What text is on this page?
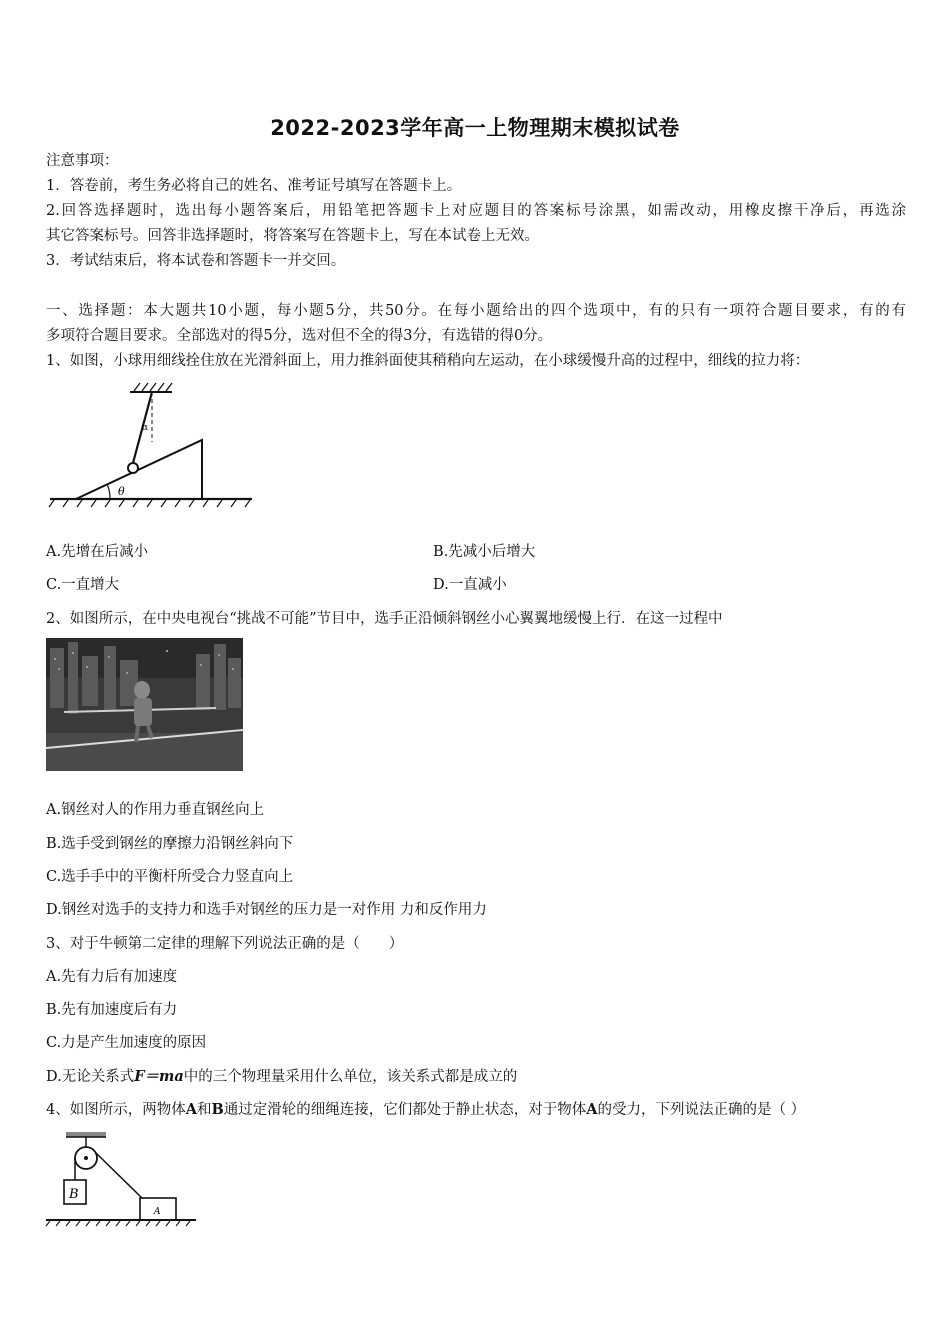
2022-2023学年高一上物理期末模拟试卷
注意事项：
1．答卷前，考生务必将自己的姓名、准考证号填写在答题卡上。
2.回答选择题时，选出每小题答案后，用铅笔把答题卡上对应题目的答案标号涂黑，如需改动，用橡皮擦干净后，再选涂
其它答案标号。回答非选择题时，将答案写在答题卡上，写在本试卷上无效。
3．考试结束后，将本试卷和答题卡一并交回。
一、选择题：本大题共10小题，每小题5分，共50分。在每小题给出的四个选项中，有的只有一项符合题目要求，有的有
多项符合题目要求。全部选对的得5分，选对但不全的得3分，有选错的得0分。
1、如图，小球用细线拴住放在光滑斜面上，用力推斜面使其稍稍向左运动，在小球缓慢升高的过程中，细线的拉力将：
α
θ
A.先增在后减小	B.先减小后增大
C.一直增大	D.一直减小
2、如图所示，在中央电视台“挑战不可能”节目中，选手正沿倾斜钢丝小心翼翼地缓慢上行．在这一过程中
A.钢丝对人的作用力垂直钢丝向上
B.选手受到钢丝的摩擦力沿钢丝斜向下
C.选手手中的平衡杆所受合力竖直向上
D.钢丝对选手的支持力和选手对钢丝的压力是一对作用 力和反作用力
3、对于牛顿第二定律的理解下列说法正确的是（　　）
A.先有力后有加速度
B.先有加速度后有力
C.力是产生加速度的原因
D.无论关系式F＝ma中的三个物理量采用什么单位，该关系式都是成立的
4、如图所示，两物体A和B通过定滑轮的细绳连接，它们都处于静止状态，对于物体A的受力，下列说法正确的是（ ）
B
A
